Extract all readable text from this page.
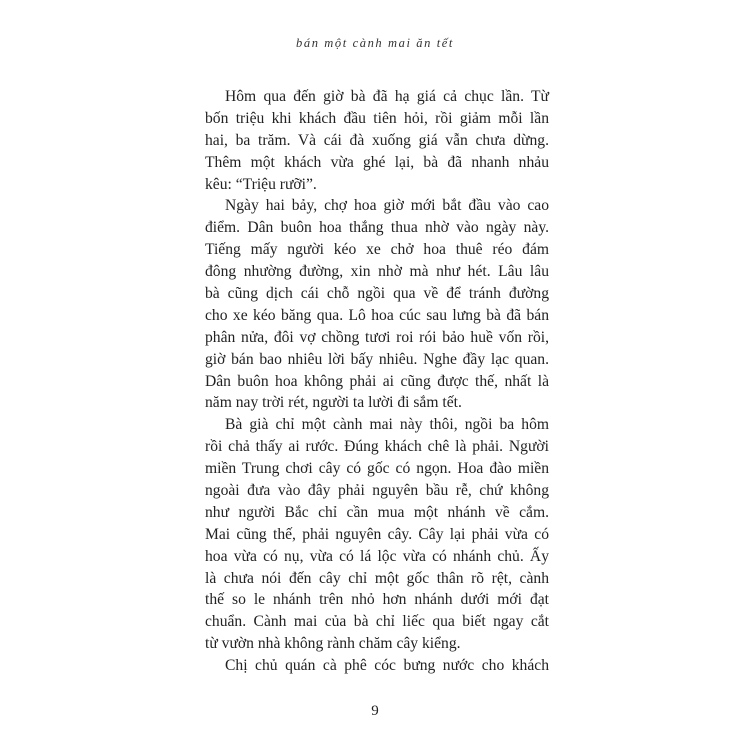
bán một cành mai ăn tết
Hôm qua đến giờ bà đã hạ giá cả chục lần. Từ
bốn triệu khi khách đầu tiên hỏi, rồi giảm mỗi lần
hai, ba trăm. Và cái đà xuống giá vẫn chưa dừng.
Thêm một khách vừa ghé lại, bà đã nhanh nhảu
kêu: “Triệu rưỡi”.
Ngày hai bảy, chợ hoa giờ mới bắt đầu vào cao
điểm. Dân buôn hoa thắng thua nhờ vào ngày này.
Tiếng mấy người kéo xe chở hoa thuê réo đám
đông nhường đường, xin nhờ mà như hét. Lâu lâu
bà cũng dịch cái chỗ ngồi qua về để tránh đường
cho xe kéo băng qua. Lô hoa cúc sau lưng bà đã bán
phân nửa, đôi vợ chồng tươi roi rói bảo huề vốn rồi,
giờ bán bao nhiêu lời bấy nhiêu. Nghe đầy lạc quan.
Dân buôn hoa không phải ai cũng được thế, nhất là
năm nay trời rét, người ta lười đi sắm tết.
Bà già chỉ một cành mai này thôi, ngồi ba hôm
rồi chả thấy ai rước. Đúng khách chê là phải. Người
miền Trung chơi cây có gốc có ngọn. Hoa đào miền
ngoài đưa vào đây phải nguyên bầu rễ, chứ không
như người Bắc chỉ cần mua một nhánh về cắm.
Mai cũng thế, phải nguyên cây. Cây lại phải vừa có
hoa vừa có nụ, vừa có lá lộc vừa có nhánh chủ. Ấy
là chưa nói đến cây chỉ một gốc thân rõ rệt, cành
thế so le nhánh trên nhỏ hơn nhánh dưới mới đạt
chuẩn. Cành mai của bà chỉ liếc qua biết ngay cắt
từ vườn nhà không rành chăm cây kiểng.
Chị chủ quán cà phê cóc bưng nước cho khách
9
